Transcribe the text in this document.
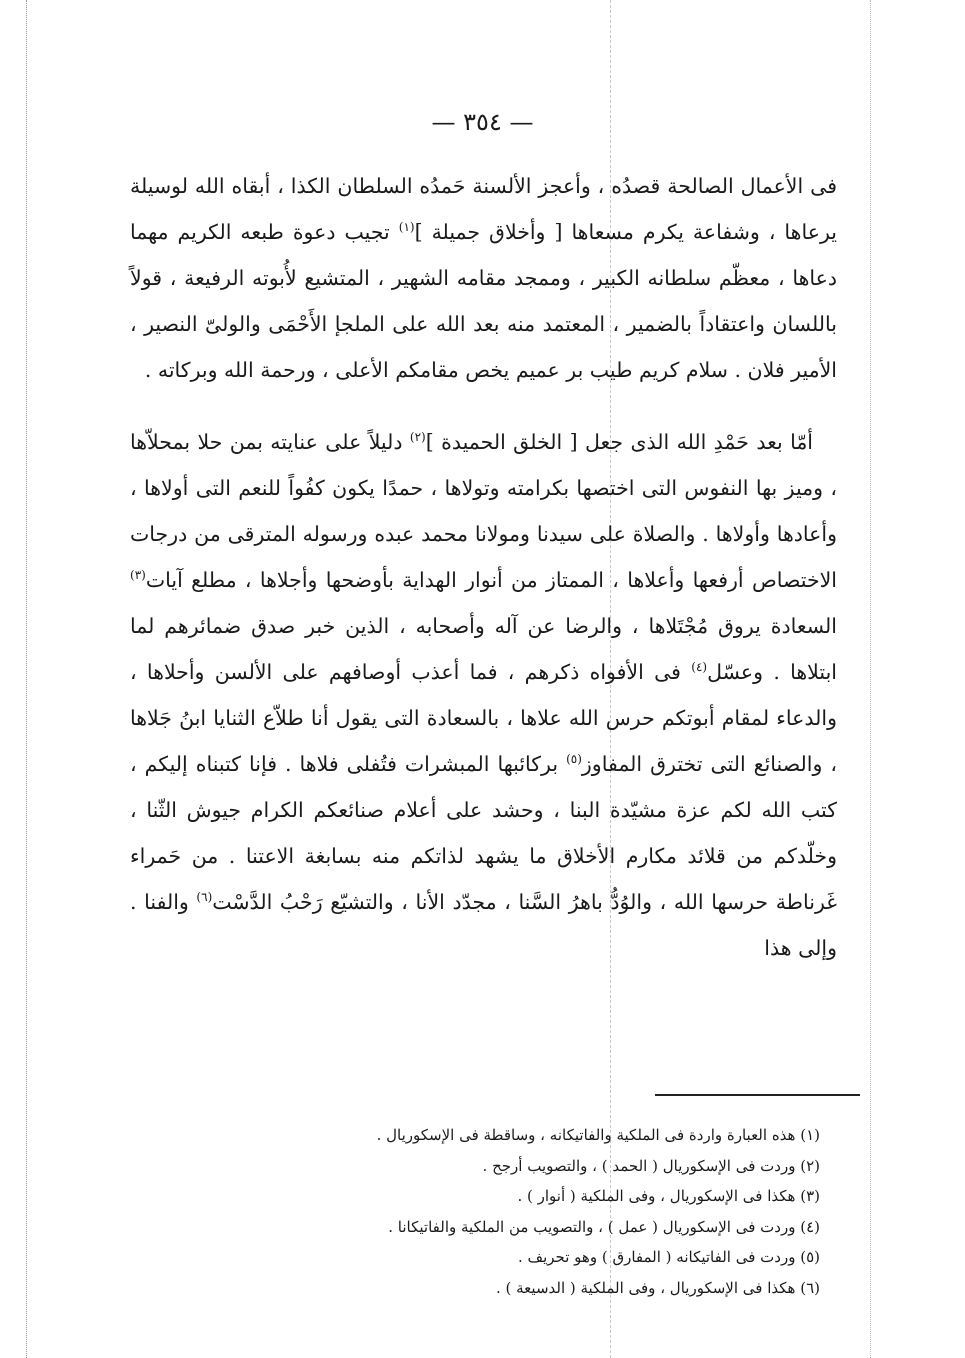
— ٣٥٤ —

فى الأعمال الصالحة قصدُه ، وأعجز الألسنة حَمدُه السلطان الكذا ، أبقاه الله لوسيلة يرعاها ، وشفاعة يكرم مسعاها [ وأخلاق جميلة ]$^{(١)}$ تجيب دعوة طبعه الكريم مهما دعاها ، معظّم سلطانه الكبير ، وممجد مقامه الشهير ، المتشيع لأُبوته الرفيعة ، قولاً باللسان واعتقاداً بالضمير ، المعتمد منه بعد الله على الملجإ الأَحْمَى والولىّ النصير ، الأمير فلان . سلام كريم طيب بر عميم يخص مقامكم الأعلى ، ورحمة الله وبركاته .

أمّا بعد حَمْدِ الله الذى جعل [ الخلق الحميدة ]$^{(٢)}$ دليلاً على عنايته بمن حلا بمحلاّها ، وميز بها النفوس التى اختصها بكرامته وتولاها ، حمدًا يكون كفُواً للنعم التى أولاها ، وأعادها وأولاها . والصلاة على سيدنا ومولانا محمد عبده ورسوله المترقى من درجات الاختصاص أرفعها وأعلاها ، الممتاز من أنوار الهداية بأوضحها وأجلاها ، مطلع آيات$^{(٣)}$ السعادة يروق مُجْتَلاها ، والرضا عن آله وأصحابه ، الذين خبر صدق ضمائرهم لما ابتلاها . وعسّل$^{(٤)}$ فى الأفواه ذكرهم ، فما أعذب أوصافهم على الألسن وأحلاها ، والدعاء لمقام أبوتكم حرس الله علاها ، بالسعادة التى يقول أنا طلاّع الثنايا ابنُ جَلاها ، والصنائع التى تخترق المفاوز$^{(٥)}$ بركائبها المبشرات فتُفلى فلاها . فإنا كتبناه إليكم ، كتب الله لكم عزة مشيّدة البنا ، وحشد على أعلام صنائعكم الكرام جيوش الثّنا ، وخلّدكم من قلائد مكارم الأخلاق ما يشهد لذاتكم منه بسابغة الاعتنا . من حَمراء غَرناطة حرسها الله ، والوُدُّ باهرُ السَّنا ، مجدّد الأنا ، والتشيّع رَحْبُ الدَّسْت$^{(٦)}$ والفنا . وإلى هذا

(١) هذه العبارة واردة فى الملكية والفاتيكانه ، وساقطة فى الإسكوريال .
(٢) وردت فى الإسكوريال ( الحمد ) ، والتصويب أرجح .
(٣) هكذا فى الإسكوريال ، وفى الملكية ( أنوار ) .
(٤) وردت فى الإسكوريال ( عمل ) ، والتصويب من الملكية والفاتيكانا .
(٥) وردت فى الفاتيكانه ( المفارق ) وهو تحريف .
(٦) هكذا فى الإسكوريال ، وفى الملكية ( الدسيعة ) .
